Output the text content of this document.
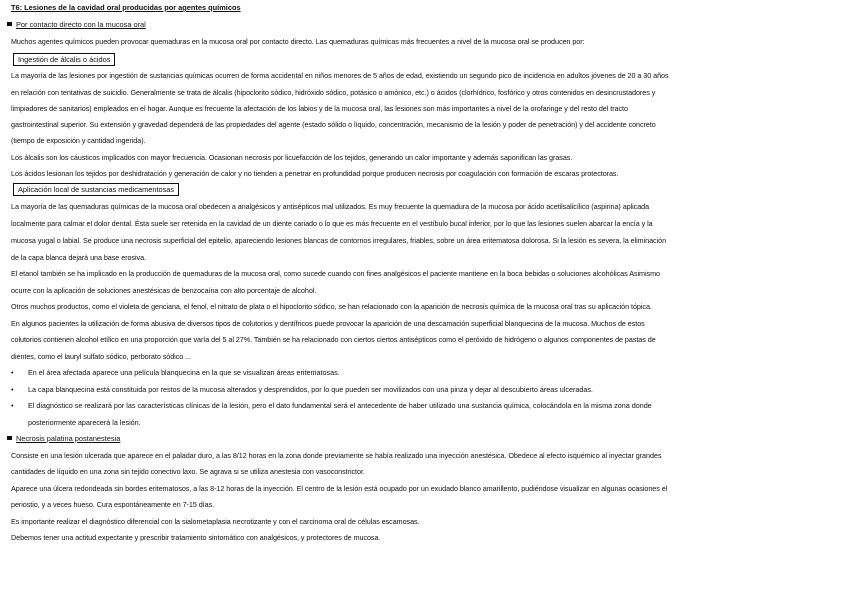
T6: Lesiones de la cavidad oral producidas por agentes químicos
Por contacto directo con la mucosa oral
Muchos agentes químicos pueden provocar quemaduras en la mucosa oral por contacto directo. Las quemaduras químicas más frecuentes a nivel de la mucosa oral se producen por:
Ingestión de álcalis o ácidos
La mayoría de las lesiones por ingestión de sustancias químicas ocurren de forma accidental en niños menores de 5 años de edad, existiendo un segundo pico de incidencia en adultos jóvenes de 20 a 30 años
en relación con tentativas de suicidio. Generalmente se trata de álcalis (hipoclorito sódico, hidróxido sódico, potásico o amónico, etc.) o ácidos (clorhídrico, fosfórico y otros contenidos en desincrustadores y
limpiadores de sanitarios) empleados en el hogar. Aunque es frecuente la afectación de los labios y de la mucosa oral, las lesiones son más importantes a nivel de la orofaringe y del resto del tracto
gastrointestinal superior. Su extensión y gravedad dependerá de las propiedades del agente (estado sólido o líquido, concentración, mecanismo de la lesión y poder de penetración) y del accidente concreto
(tiempo de exposición y cantidad ingerida).
Los álcalis son los cáusticos implicados con mayor frecuencia. Ocasionan necrosis por licuefacción de los tejidos, generando un calor importante y además saponifican las grasas.
Los ácidos lesionan los tejidos por deshidratación y generación de calor y no tienden a penetrar en profundidad porque producen necrosis por coagulación con formación de escaras protectoras.
Aplicación local de sustancias medicamentosas
La mayoría de las quemaduras químicas de la mucosa oral obedecen a analgésicos y antisépticos mal utilizados. Es muy frecuente la quemadura de la mucosa por ácido acetilsalicílico (aspirina) aplicada
localmente para calmar el dolor dental. Ésta suele ser retenida en la cavidad de un diente cariado o lo que es más frecuente en el vestíbulo bucal inferior, por lo que las lesiones suelen abarcar la encía y la
mucosa yugal o labial. Se produce una necrosis superficial del epitelio, apareciendo lesiones blancas de contornos irregulares, friables, sobre un área eritematosa dolorosa. Si la lesión es severa, la eliminación
de la capa blanca dejará una base erosiva.
El etanol también se ha implicado en la producción de quemaduras de la mucosa oral, como sucede cuando con fines analgésicos el paciente mantiene en la boca bebidas o soluciones alcohólicas Asimismo
ocurre con la aplicación de soluciones anestésicas de benzocaína con alto porcentaje de alcohol.
Otros muchos productos, como el violeta de genciana, el fenol, el nitrato de plata o el hipoclorito sódico, se han relacionado con la aparición de necrosis química de la mucosa oral tras su aplicación tópica.
En algunos pacientes la utilización de forma abusiva de diversos tipos de colutorios y dentífricos puede provocar la aparición de una descamación superficial blanquecina de la mucosa. Muchos de estos
colutorios contienen alcohol etílico en una proporción que varía del 5 al 27%. También se ha relacionado con ciertos ciertos antisépticos como el peróxido de hidrógeno o algunos componentes de pastas de
dientes, como el lauryl sulfato sódico, perborato sódico ...
• En el área afectada aparece una película blanquecina en la que se visualizan áreas eritematosas.
• La capa blanquecina está constituida por restos de la mucosa alterados y desprendidos, por lo que pueden ser movilizados con una pinza y dejar al descubierto áreas ulceradas.
• El diagnóstico se realizará por las características clínicas de la lesión, pero el dato fundamental será el antecedente de haber utilizado una sustancia química, colocándola en la misma zona donde
posteriormente aparecerá la lesión.
Necrosis palatina postanestesia
Consiste en una lesión ulcerada que aparece en el paladar duro, a las 8/12 horas en la zona donde previamente se había realizado una inyección anestésica. Obedece al efecto isquémico al inyectar grandes
cantidades de líquido en una zona sin tejido conectivo laxo. Se agrava si se utiliza anestesia con vasoconstrictor.
Aparece una úlcera redondeada sin bordes eritematosos, a las 8-12 horas de la inyección. El centro de la lesión está ocupado por un exudado blanco amarillento, pudiéndose visualizar en algunas ocasiones el
periostio, y a veces hueso. Cura espontáneamente en 7-15 días.
Es importante realizar el diagnóstico diferencial con la sialometaplasia necrotizante y con el carcinoma oral de células escamosas.
Debemos tener una actitud expectante y prescribir tratamiento sintomático con analgésicos, y protectores de mucosa.
